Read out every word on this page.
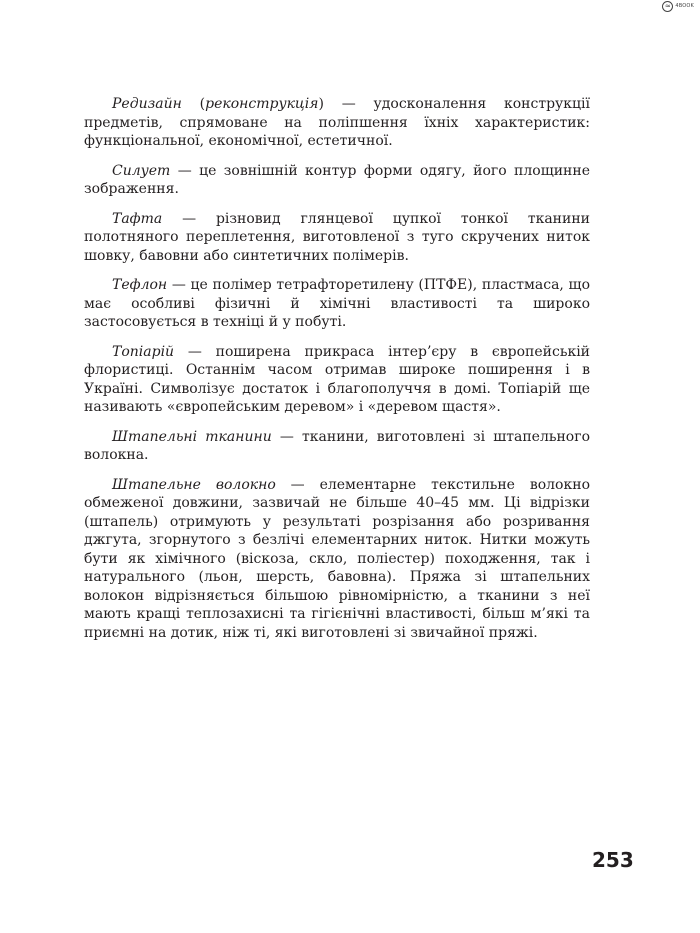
≈ 4BOOK

Редизайн (реконструкція) — удосконалення конструкції предметів, спрямоване на поліпшення їхніх характеристик: функціональної, економічної, естетичної.

Силует — це зовнішній контур форми одягу, його площинне зображення.

Тафта — різновид глянцевої цупкої тонкої тканини полотняного переплетення, виготовленої з туго скручених ниток шовку, бавовни або синтетичних полімерів.

Тефлон — це полімер тетрафторетилену (ПТФЕ), пластмаса, що має особливі фізичні й хімічні властивості та широко застосовується в техніці й у побуті.

Топіарій — поширена прикраса інтер’єру в європейській флористиці. Останнім часом отримав широке поширення і в Україні. Символізує достаток і благополуччя в домі. Топіарій ще називають «європейським деревом» і «деревом щастя».

Штапельні тканини — тканини, виготовлені зі штапельного волокна.

Штапельне волокно — елементарне текстильне волокно обмеженої довжини, зазвичай не більше 40–45 мм. Ці відрізки (штапель) отримують у результаті розрізання або розривання джгута, згорнутого з безлічі елементарних ниток. Нитки можуть бути як хімічного (віскоза, скло, поліестер) походження, так і натурального (льон, шерсть, бавовна). Пряжа зі штапельних волокон відрізняється більшою рівномірністю, а тканини з неї мають кращі теплозахисні та гігієнічні властивості, більш м’які та приємні на дотик, ніж ті, які виготовлені зі звичайної пряжі.

253
